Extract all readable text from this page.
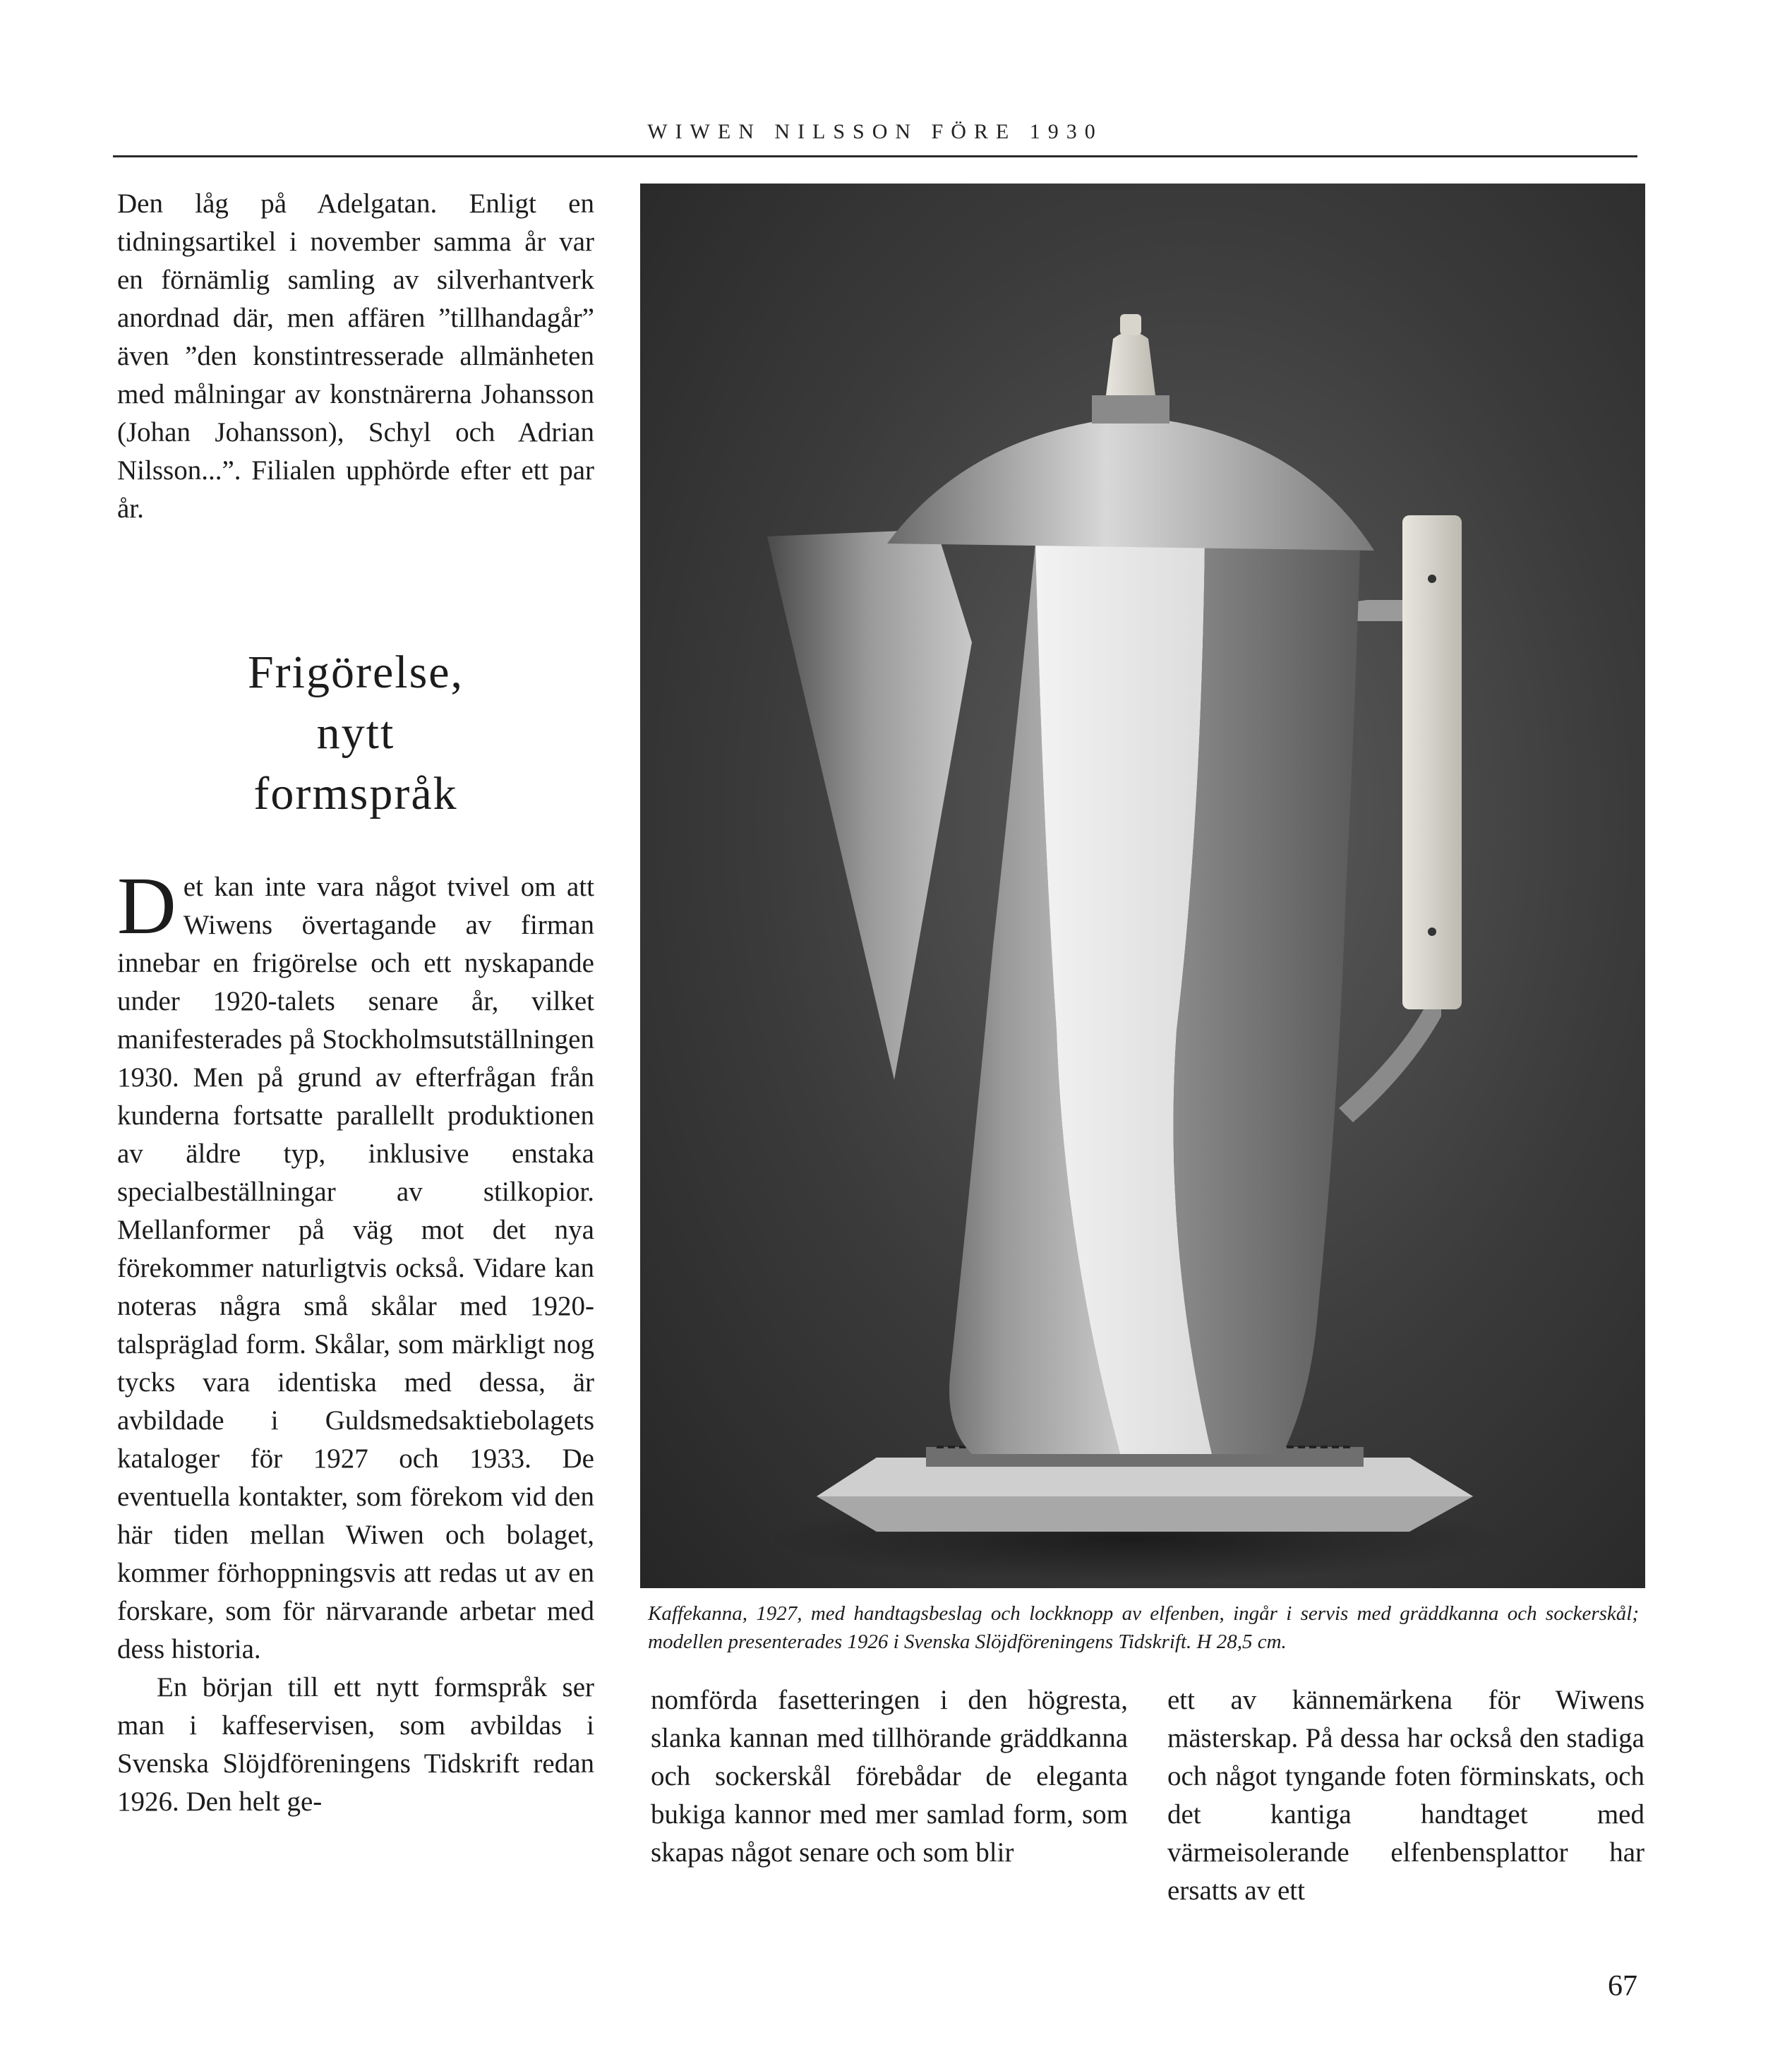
WIWEN NILSSON FÖRE 1930

Den låg på Adelgatan. Enligt en tidningsartikel i november samma år var en förnämlig samling av silverhantverk anordnad där, men affären ”tillhandagår” även ”den konstintresserade allmänheten med målningar av konstnärerna Johansson (Johan Johansson), Schyl och Adrian Nilsson...”. Filialen upphörde efter ett par år.

Frigörelse,
nytt
formspråk

Det kan inte vara något tvivel om att Wiwens övertagande av firman innebar en frigörelse och ett nyskapande under 1920-talets senare år, vilket manifesterades på Stockholmsutställningen 1930. Men på grund av efterfrågan från kunderna fortsatte parallellt produktionen av äldre typ, inklusive enstaka specialbeställningar av stilkopior. Mellanformer på väg mot det nya förekommer naturligtvis också. Vidare kan noteras några små skålar med 1920-talspräglad form. Skålar, som märkligt nog tycks vara identiska med dessa, är avbildade i Guldsmedsaktiebolagets kataloger för 1927 och 1933. De eventuella kontakter, som förekom vid den här tiden mellan Wiwen och bolaget, kommer förhoppningsvis att redas ut av en forskare, som för närvarande arbetar med dess historia.

En början till ett nytt formspråk ser man i kaffeservisen, som avbildas i Svenska Slöjdföreningens Tidskrift redan 1926. Den helt ge-

Kaffekanna, 1927, med handtagsbeslag och lockknopp av elfenben, ingår i servis med gräddkanna och sockerskål; modellen presenterades 1926 i Svenska Slöjdföreningens Tidskrift. H 28,5 cm.

nomförda fasetteringen i den högresta, slanka kannan med tillhörande gräddkanna och sockerskål förebådar de eleganta bukiga kannor med mer samlad form, som skapas något senare och som blir

ett av kännemärkena för Wiwens mästerskap. På dessa har också den stadiga och något tyngande foten förminskats, och det kantiga handtaget med värmeisolerande elfenbensplattor har ersatts av ett

67
